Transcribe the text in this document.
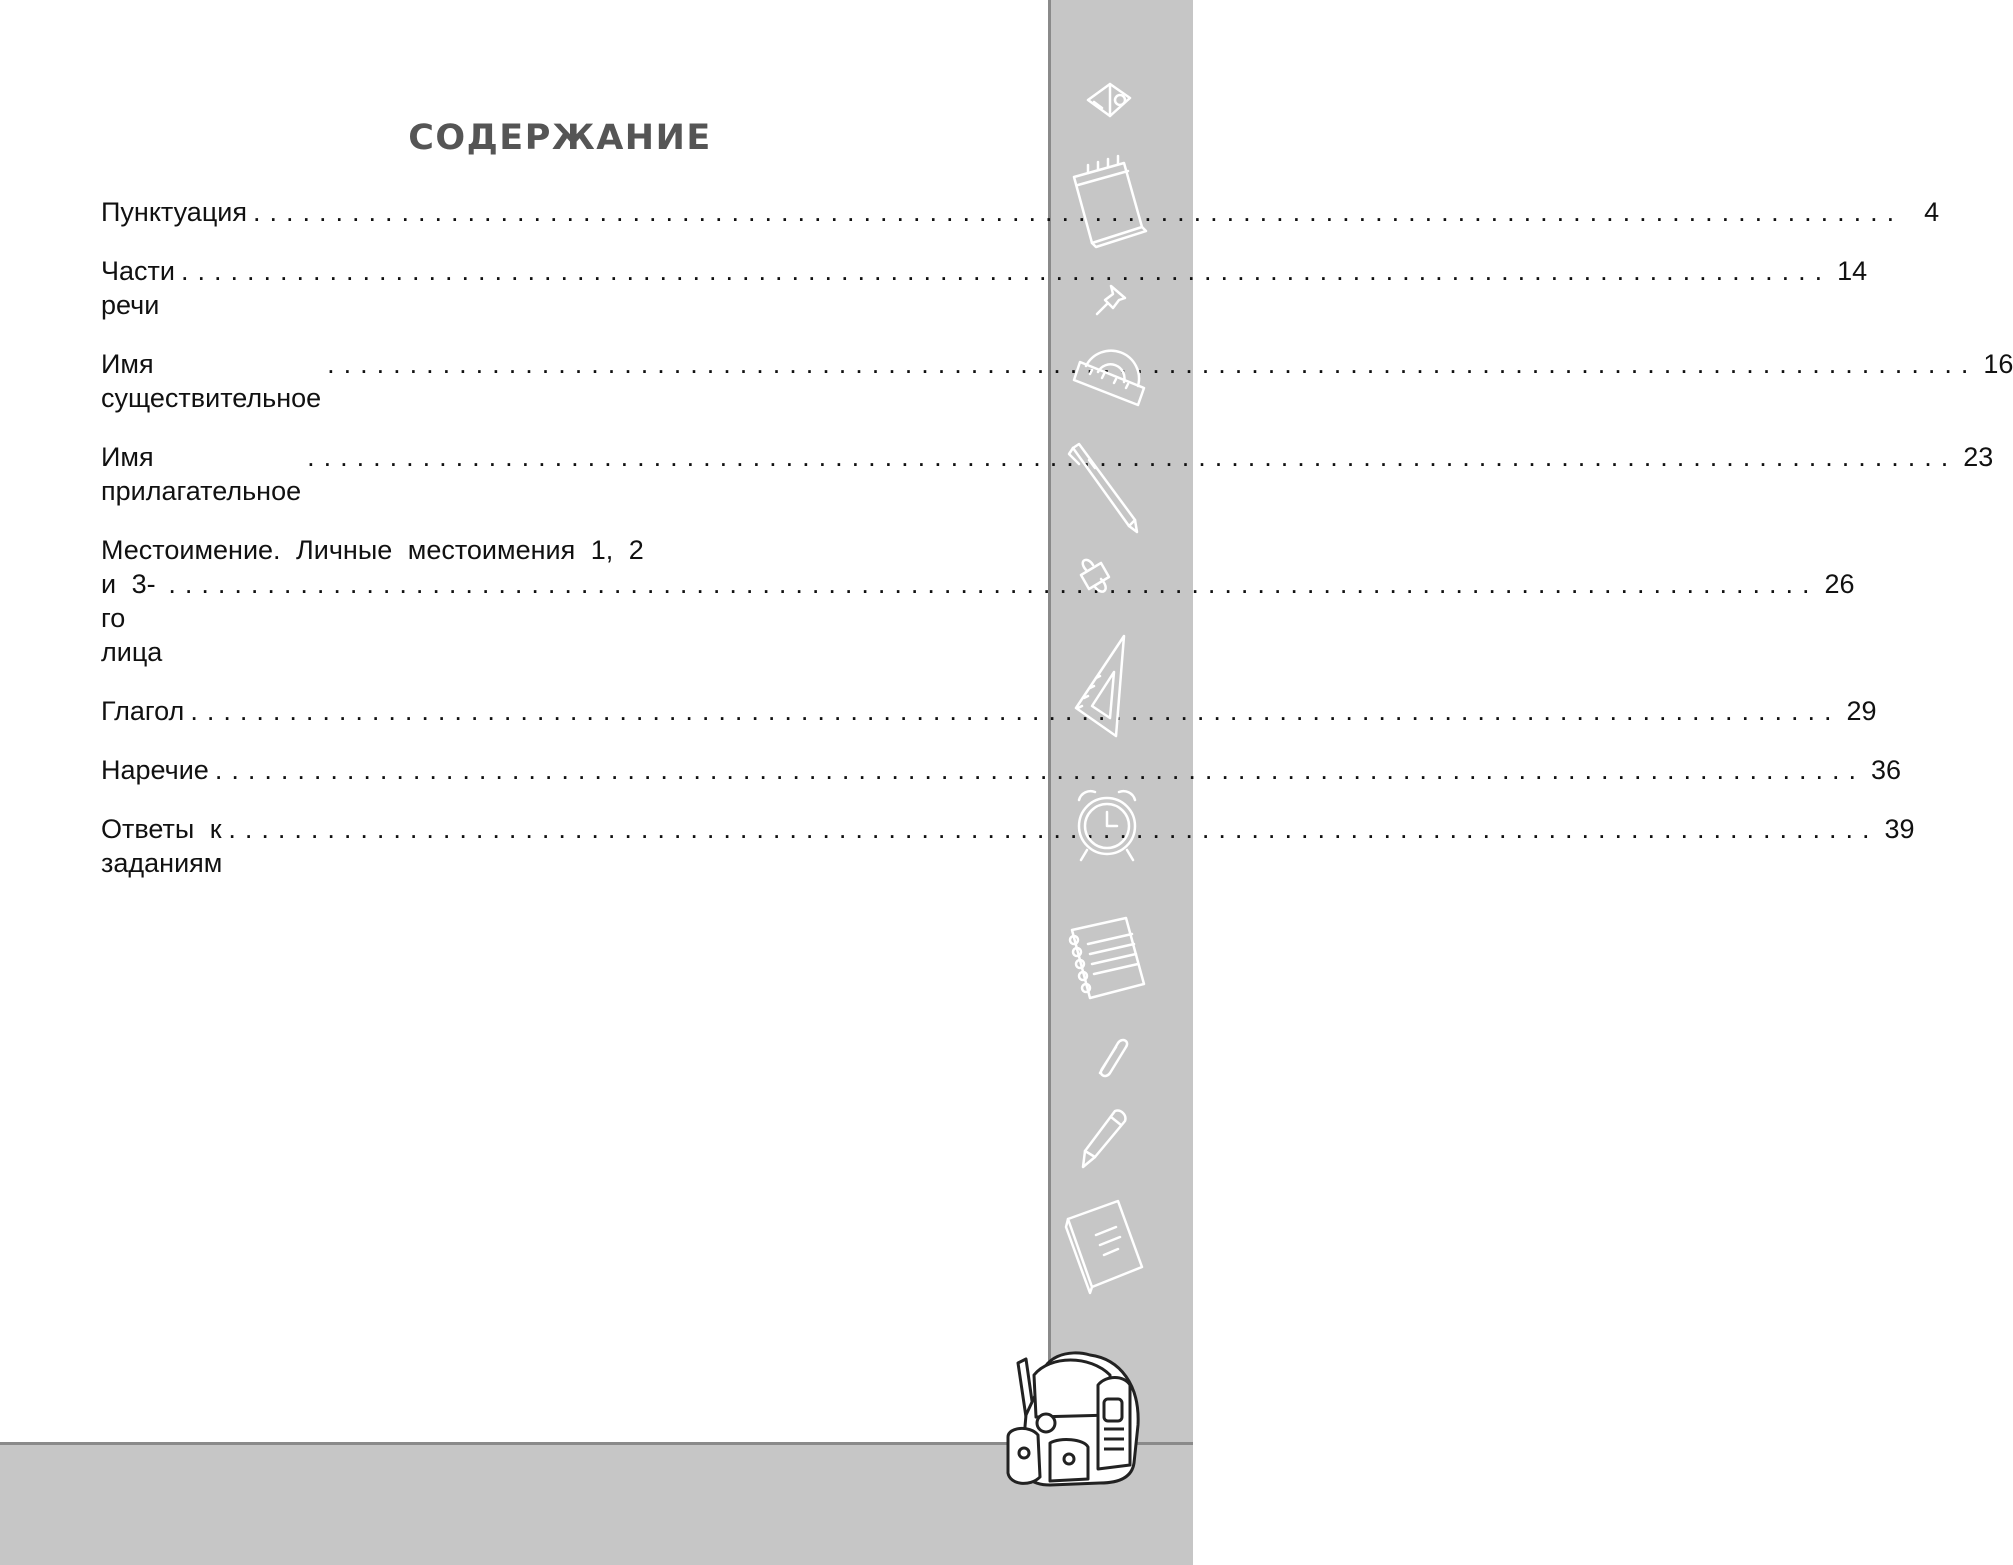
СОДЕРЖАНИЕ
Пунктуация .................................................................................................... 4
Части речи
.................................................................................................... 14
Имя существительное
.................................................................................................... 16
Имя прилагательное
.................................................................................................... 23
Местоимение. Личные местоимения 1, 2
и 3-го лица
.................................................................................................... 26
Глагол .................................................................................................... 29
Наречие .................................................................................................... 36
Ответы к заданиям
.................................................................................................... 39
